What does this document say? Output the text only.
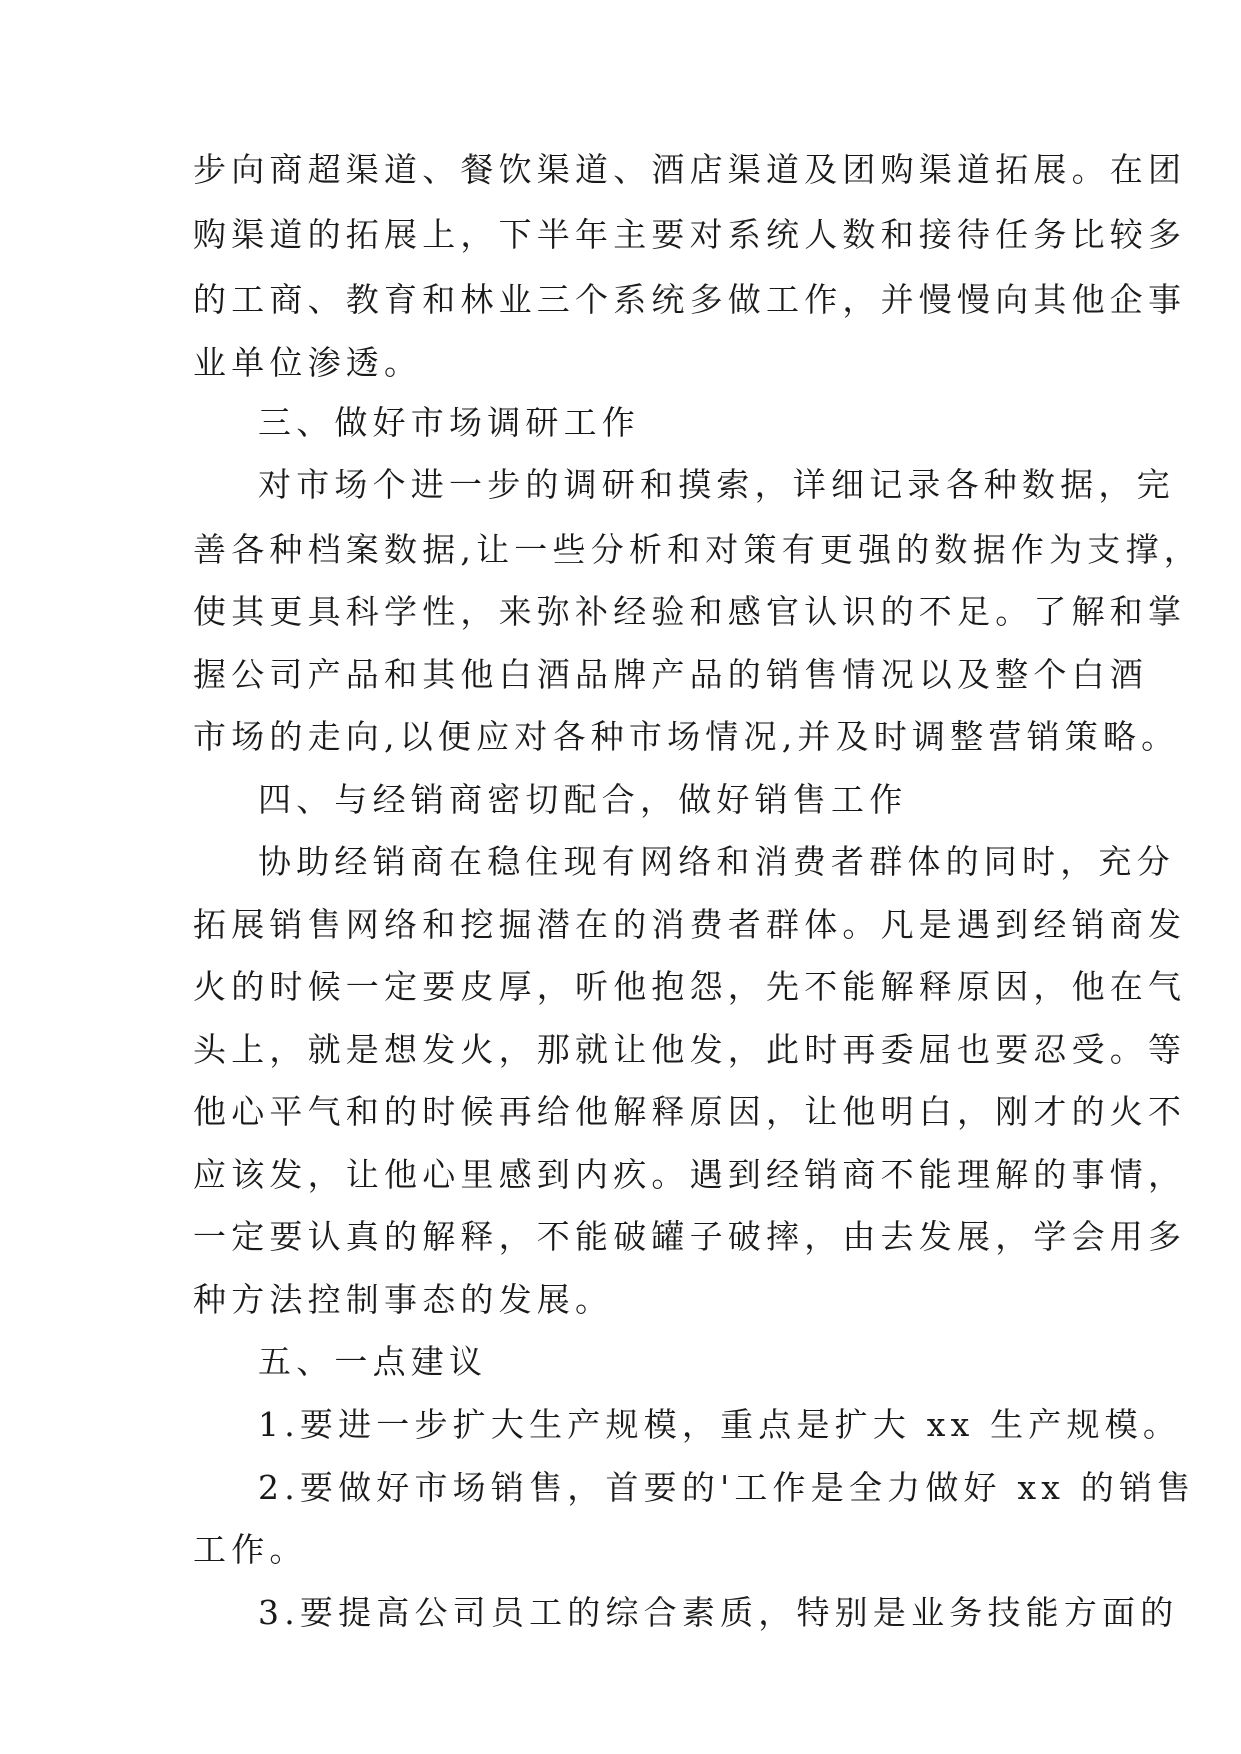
步向商超渠道、餐饮渠道、酒店渠道及团购渠道拓展。在团
购渠道的拓展上，下半年主要对系统人数和接待任务比较多
的工商、教育和林业三个系统多做工作，并慢慢向其他企事
业单位渗透。
三、做好市场调研工作
对市场个进一步的调研和摸索，详细记录各种数据，完
善各种档案数据,让一些分析和对策有更强的数据作为支撑，
使其更具科学性，来弥补经验和感官认识的不足。了解和掌
握公司产品和其他白酒品牌产品的销售情况以及整个白酒
市场的走向,以便应对各种市场情况,并及时调整营销策略。
四、与经销商密切配合，做好销售工作
协助经销商在稳住现有网络和消费者群体的同时，充分
拓展销售网络和挖掘潜在的消费者群体。凡是遇到经销商发
火的时候一定要皮厚，听他抱怨，先不能解释原因，他在气
头上，就是想发火，那就让他发，此时再委屈也要忍受。等
他心平气和的时候再给他解释原因，让他明白，刚才的火不
应该发，让他心里感到内疚。遇到经销商不能理解的事情，
一定要认真的解释，不能破罐子破摔，由去发展，学会用多
种方法控制事态的发展。
五、一点建议
1.要进一步扩大生产规模，重点是扩大 xx 生产规模。
2.要做好市场销售，首要的'工作是全力做好 xx 的销售
工作。
3.要提高公司员工的综合素质，特别是业务技能方面的
